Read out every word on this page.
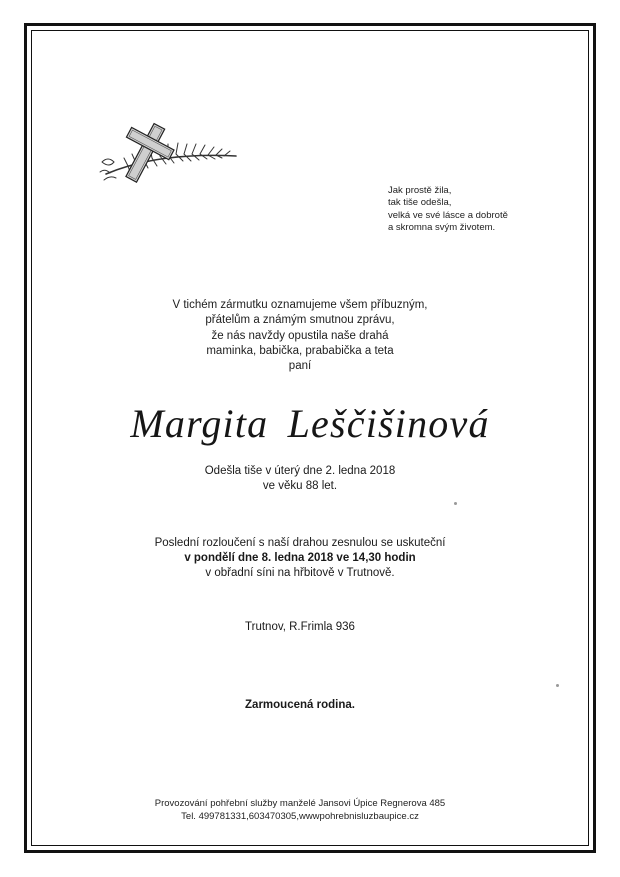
Jak prostě žila,
tak tiše odešla,
velká ve své lásce a dobrotě
a skromna svým životem.
V tichém zármutku oznamujeme všem příbuzným,
přátelům a známým smutnou zprávu,
že nás navždy opustila naše drahá
maminka, babička, prababička a teta
paní
Margita Leščišinová
Odešla tiše v úterý dne 2. ledna 2018
ve věku 88 let.
Poslední rozloučení s naší drahou zesnulou se uskuteční
v pondělí dne 8. ledna 2018 ve 14,30 hodin
v obřadní síni na hřbitově v Trutnově.
Trutnov, R.Frimla 936
Zarmoucená rodina.
Provozování pohřební služby manželé Jansovi Úpice Regnerova 485
Tel. 499781331,603470305,wwwpohrebnisluzbaupice.cz
